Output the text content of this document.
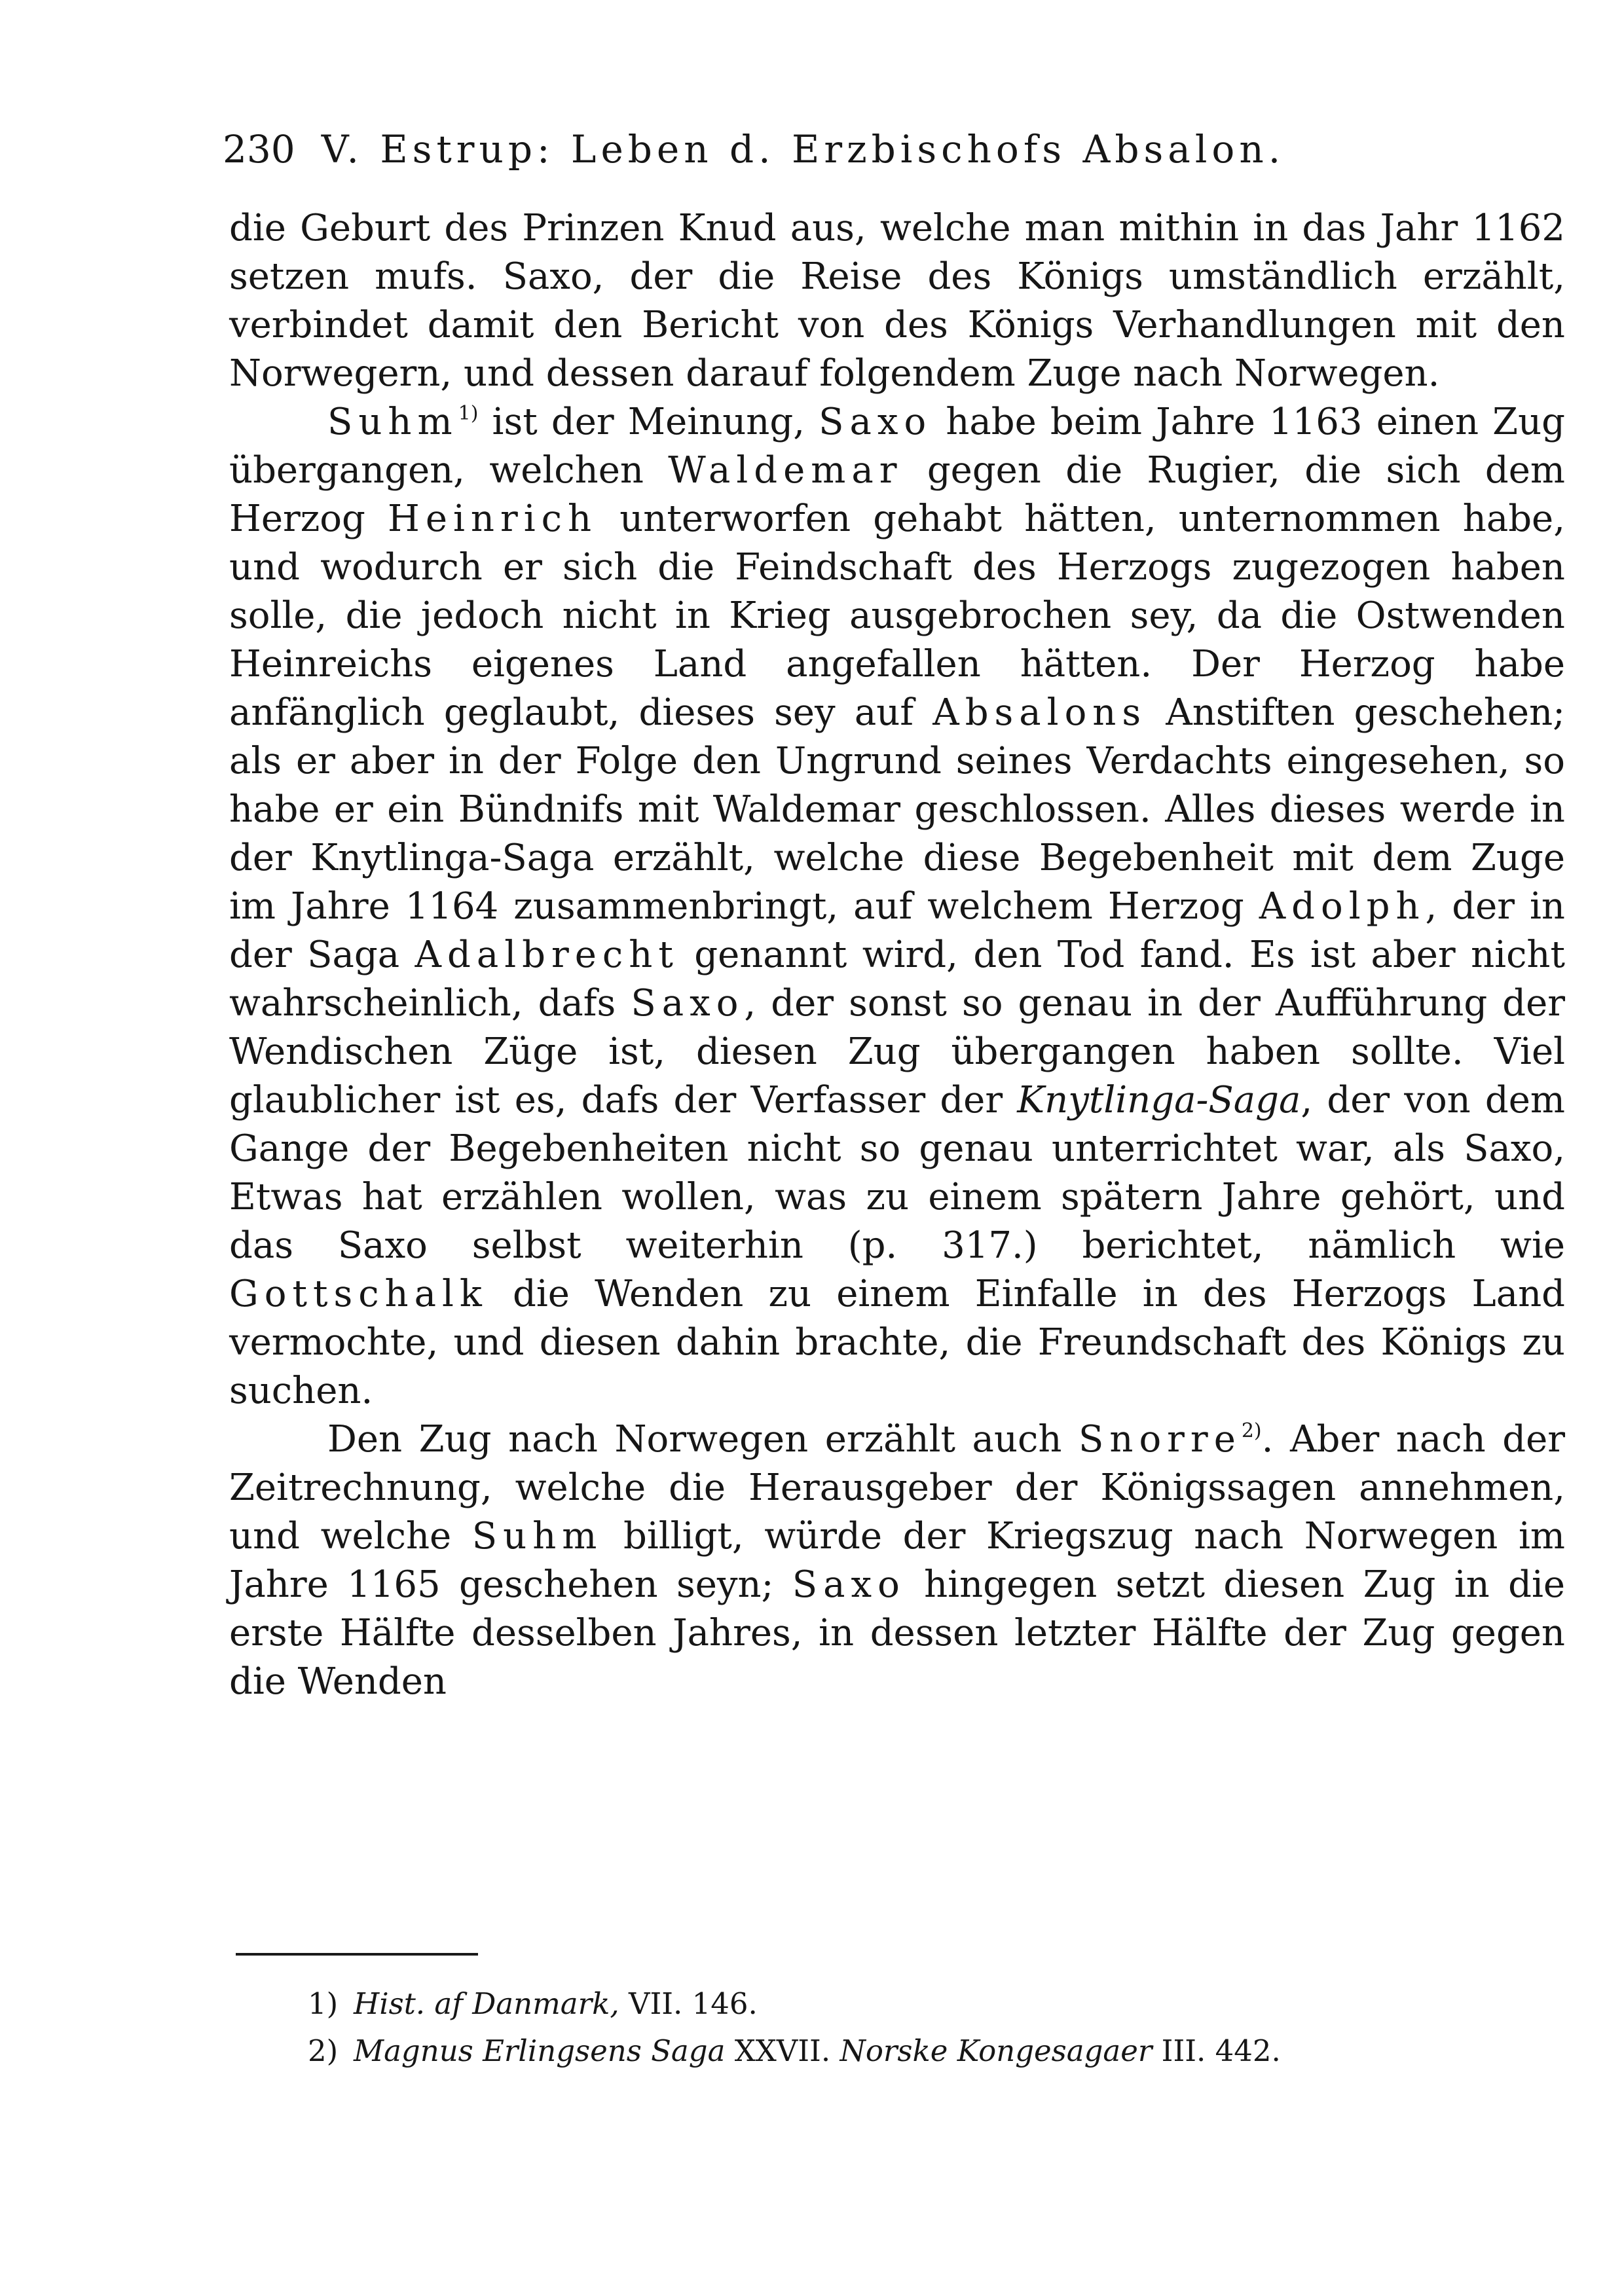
230 V. Estrup: Leben d. Erzbischofs Absalon.

die Geburt des Prinzen Knud aus, welche man mithin in das Jahr 1162 setzen mufs. Saxo, der die Reise des Königs umständlich erzählt, verbindet damit den Bericht von des Königs Verhandlungen mit den Norwegern, und dessen darauf folgendem Zuge nach Norwegen.

Suhm$^{1)}$ ist der Meinung, Saxo habe beim Jahre 1163 einen Zug übergangen, welchen Waldemar gegen die Rugier, die sich dem Herzog Heinrich unterworfen gehabt hätten, unternommen habe, und wodurch er sich die Feindschaft des Herzogs zugezogen haben solle, die jedoch nicht in Krieg ausgebrochen sey, da die Ostwenden Heinreichs eigenes Land angefallen hätten. Der Herzog habe anfänglich geglaubt, dieses sey auf Absalons Anstiften geschehen; als er aber in der Folge den Ungrund seines Verdachts eingesehen, so habe er ein Bündnifs mit Waldemar geschlossen. Alles dieses werde in der Knytlinga-Saga erzählt, welche diese Begebenheit mit dem Zuge im Jahre 1164 zusammenbringt, auf welchem Herzog Adolph, der in der Saga Adalbrecht genannt wird, den Tod fand. Es ist aber nicht wahrscheinlich, dafs Saxo, der sonst so genau in der Aufführung der Wendischen Züge ist, diesen Zug übergangen haben sollte. Viel glaublicher ist es, dafs der Verfasser der Knytlinga-Saga, der von dem Gange der Begebenheiten nicht so genau unterrichtet war, als Saxo, Etwas hat erzählen wollen, was zu einem spätern Jahre gehört, und das Saxo selbst weiterhin (p. 317.) berichtet, nämlich wie Gottschalk die Wenden zu einem Einfalle in des Herzogs Land vermochte, und diesen dahin brachte, die Freundschaft des Königs zu suchen.

Den Zug nach Norwegen erzählt auch Snorre$^{2)}$. Aber nach der Zeitrechnung, welche die Herausgeber der Königssagen annehmen, und welche Suhm billigt, würde der Kriegszug nach Norwegen im Jahre 1165 geschehen seyn; Saxo hingegen setzt diesen Zug in die erste Hälfte desselben Jahres, in dessen letzter Hälfte der Zug gegen die Wenden

1) Hist. af Danmark, VII. 146.
2) Magnus Erlingsens Saga XXVII. Norske Kongesagaer III. 442.
